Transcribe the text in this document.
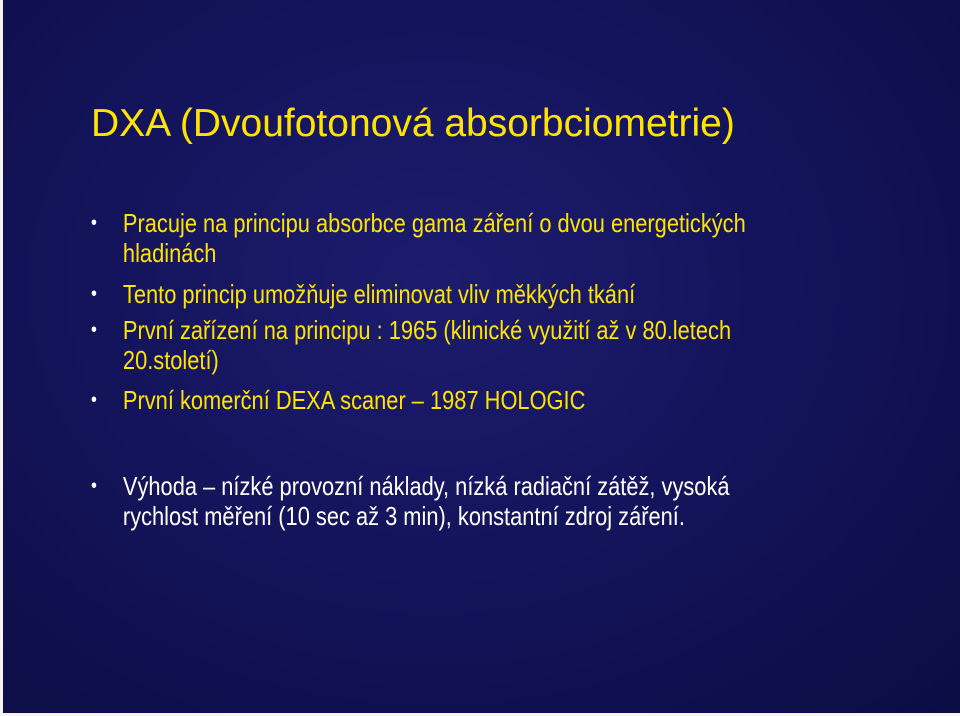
DXA (Dvoufotonová absorbciometrie)
•	Pracuje na principu absorbce gama záření o dvou energetických hladinách
•	Tento princip umožňuje eliminovat vliv měkkých tkání
•	První zařízení na principu : 1965 (klinické využití až v 80.letech 20.století)
•	První komerční DEXA scaner – 1987 HOLOGIC
•	Výhoda – nízké provozní náklady, nízká radiační zátěž, vysoká rychlost měření (10 sec až 3 min), konstantní zdroj záření.
